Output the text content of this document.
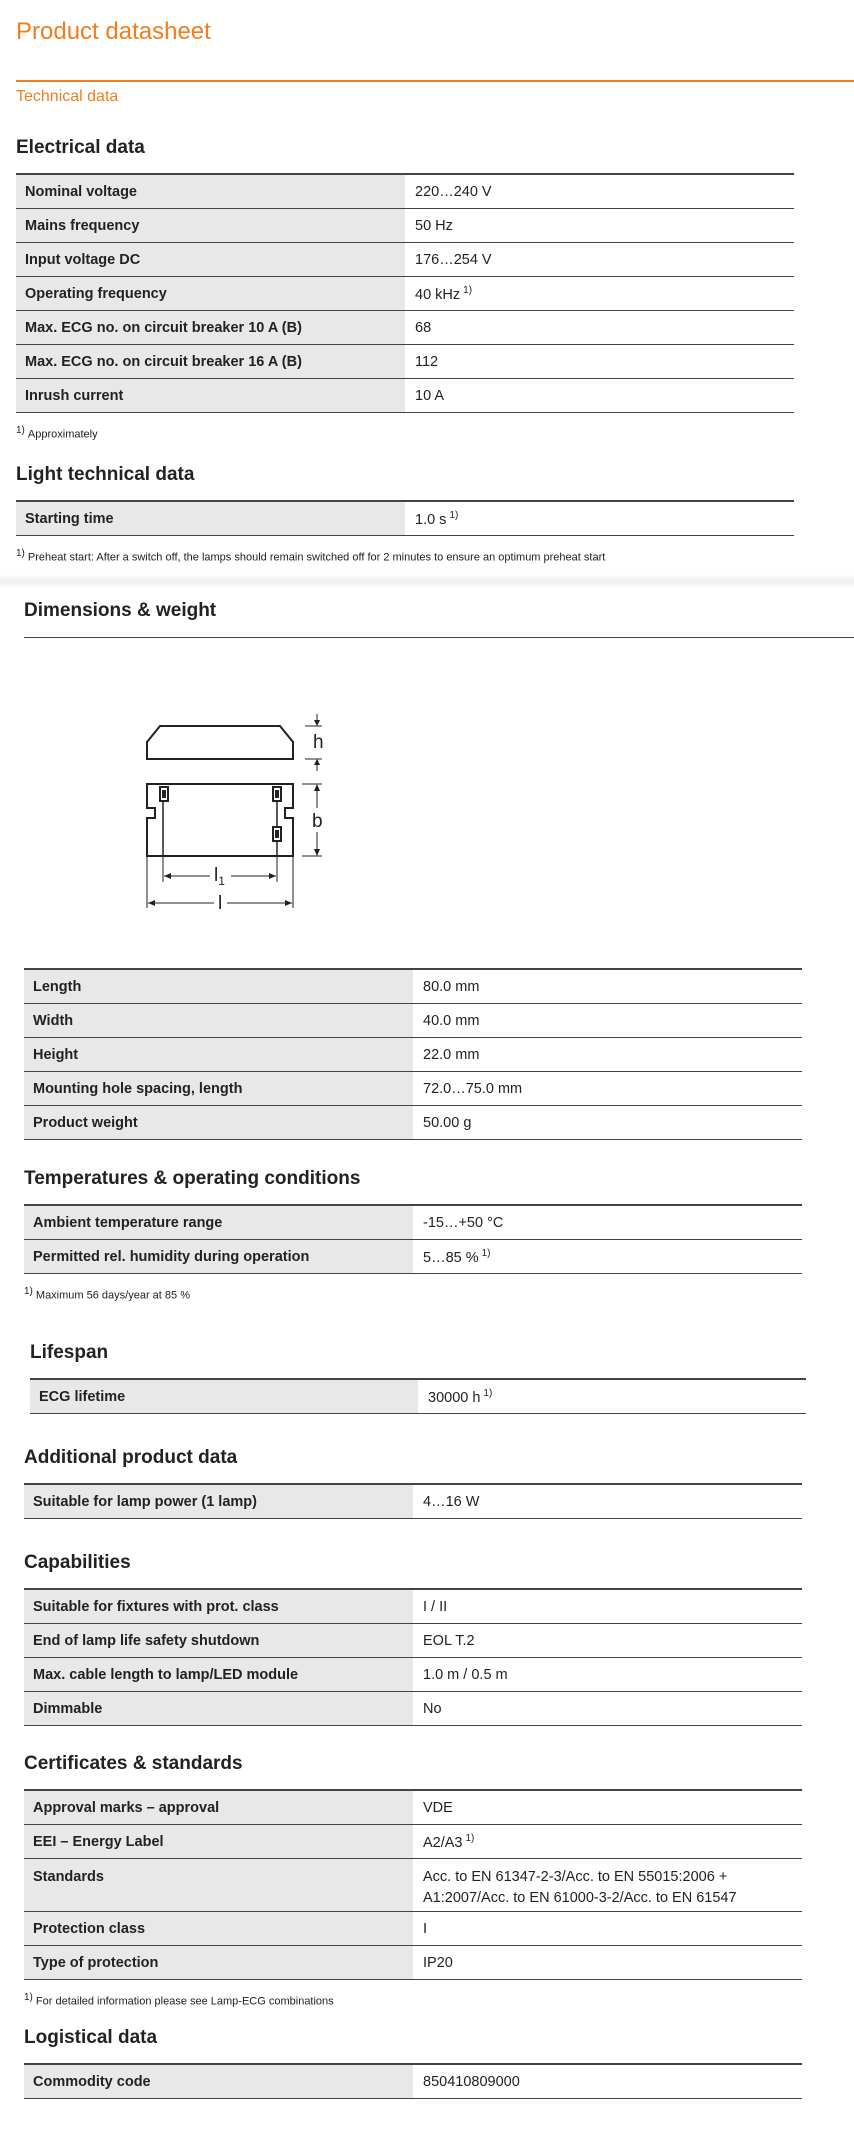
Product datasheet
Technical data
Electrical data
Nominal voltage	220…240 V
Mains frequency	50 Hz
Input voltage DC	176…254 V
Operating frequency	40 kHz $^{1)}$
Max. ECG no. on circuit breaker 10 A (B)	68
Max. ECG no. on circuit breaker 16 A (B)	112
Inrush current	10 A
$^{1)}$ Approximately
Light technical data
Starting time	1.0 s $^{1)}$
$^{1)}$ Preheat start: After a switch off, the lamps should remain switched off for 2 minutes to ensure an optimum preheat start
Dimensions & weight
h
b
$l_1$
l
Length	80.0 mm
Width	40.0 mm
Height	22.0 mm
Mounting hole spacing, length	72.0…75.0 mm
Product weight	50.00 g
Temperatures & operating conditions
Ambient temperature range	-15…+50 °C
Permitted rel. humidity during operation	5…85 % $^{1)}$
$^{1)}$ Maximum 56 days/year at 85 %
Lifespan
ECG lifetime	30000 h $^{1)}$
Additional product data
Suitable for lamp power (1 lamp)	4…16 W
Capabilities
Suitable for fixtures with prot. class	I / II
End of lamp life safety shutdown	EOL T.2
Max. cable length to lamp/LED module	1.0 m / 0.5 m
Dimmable	No
Certificates & standards
Approval marks – approval	VDE
EEI – Energy Label	A2/A3 $^{1)}$
Standards	Acc. to EN 61347-2-3/Acc. to EN 55015:2006 + A1:2007/Acc. to EN 61000-3-2/Acc. to EN 61547
Protection class	I
Type of protection	IP20
$^{1)}$ For detailed information please see Lamp-ECG combinations
Logistical data
Commodity code	850410809000
